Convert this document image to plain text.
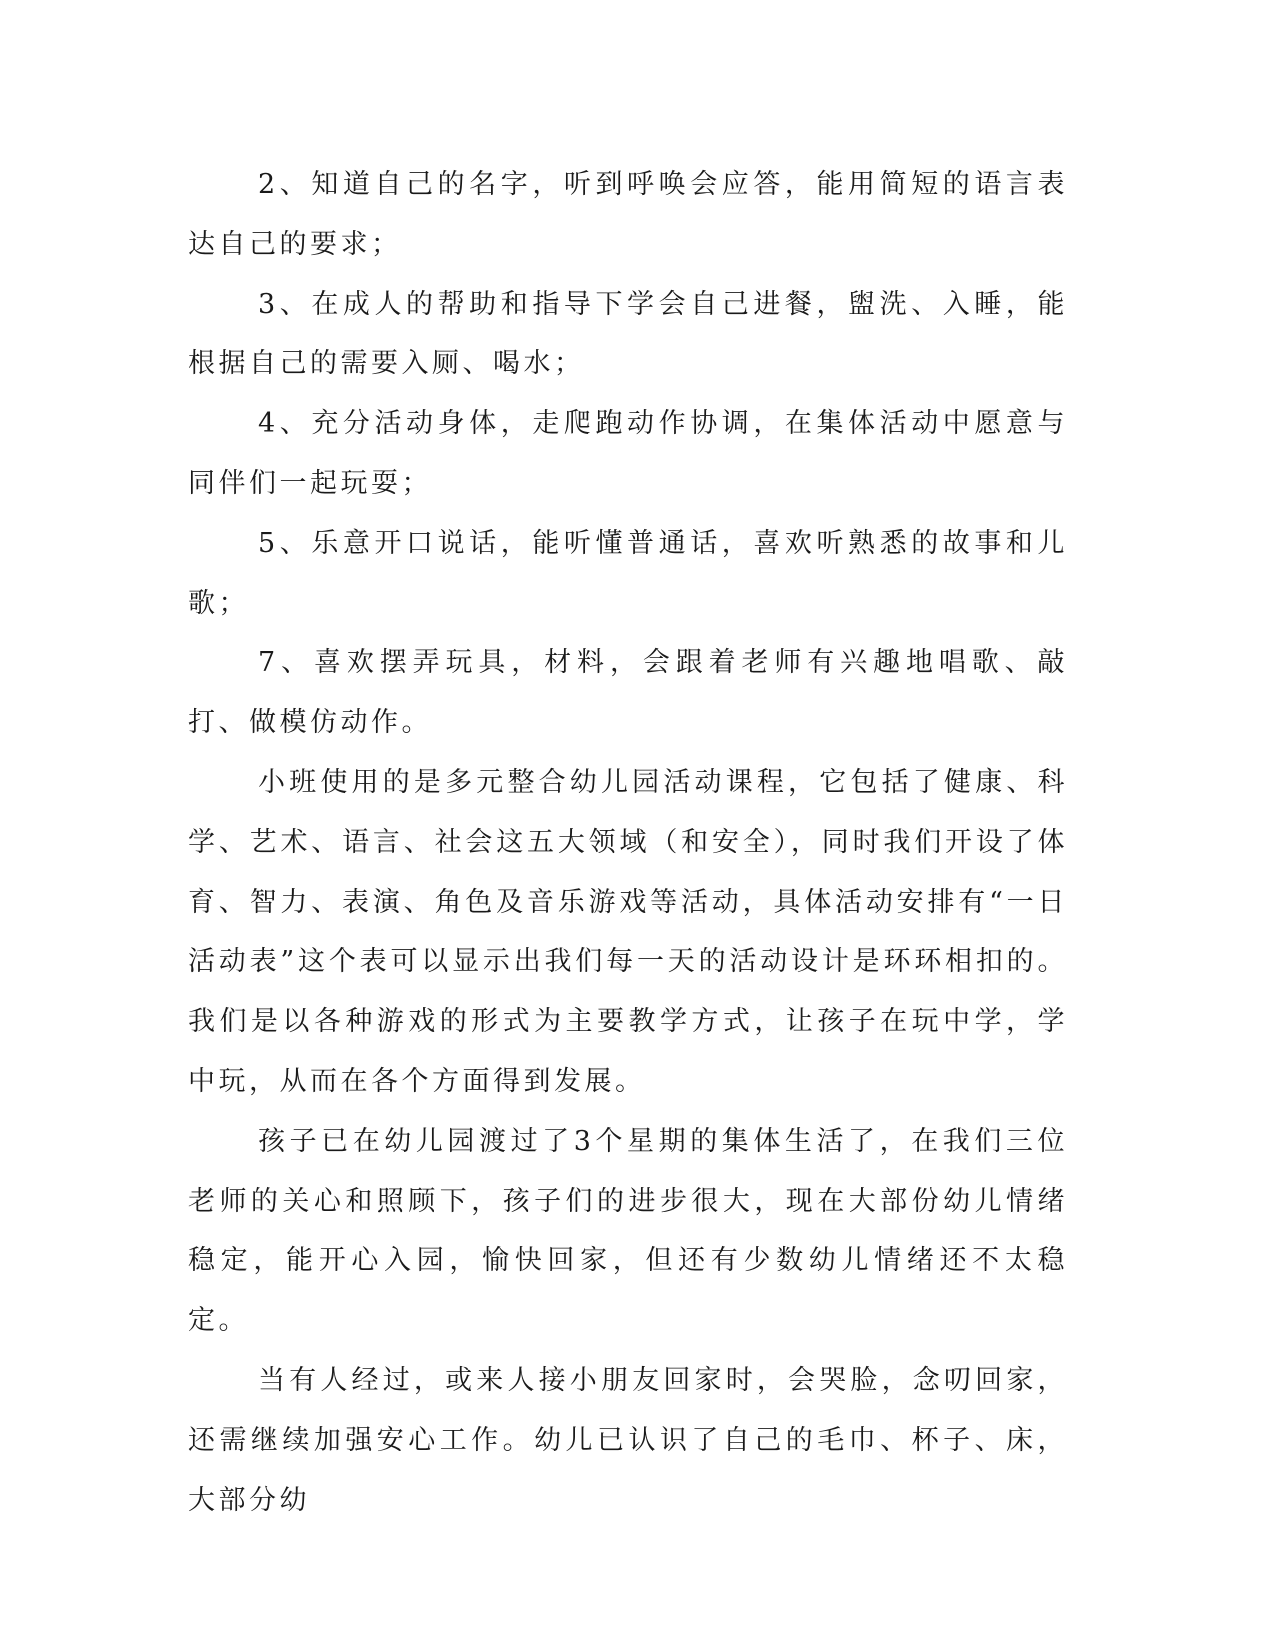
2、知道自己的名字，听到呼唤会应答，能用简短的语言表达自己的要求；

3、在成人的帮助和指导下学会自己进餐，盥洗、入睡，能根据自己的需要入厕、喝水；

4、充分活动身体，走爬跑动作协调，在集体活动中愿意与同伴们一起玩耍；

5、乐意开口说话，能听懂普通话，喜欢听熟悉的故事和儿歌；

7、喜欢摆弄玩具，材料，会跟着老师有兴趣地唱歌、敲打、做模仿动作。

小班使用的是多元整合幼儿园活动课程，它包括了健康、科学、艺术、语言、社会这五大领域（和安全），同时我们开设了体育、智力、表演、角色及音乐游戏等活动，具体活动安排有“一日活动表”这个表可以显示出我们每一天的活动设计是环环相扣的。我们是以各种游戏的形式为主要教学方式，让孩子在玩中学，学中玩，从而在各个方面得到发展。

孩子已在幼儿园渡过了3个星期的集体生活了，在我们三位老师的关心和照顾下，孩子们的进步很大，现在大部份幼儿情绪稳定，能开心入园，愉快回家，但还有少数幼儿情绪还不太稳定。

当有人经过，或来人接小朋友回家时，会哭脸，念叨回家，还需继续加强安心工作。幼儿已认识了自己的毛巾、杯子、床，大部分幼
